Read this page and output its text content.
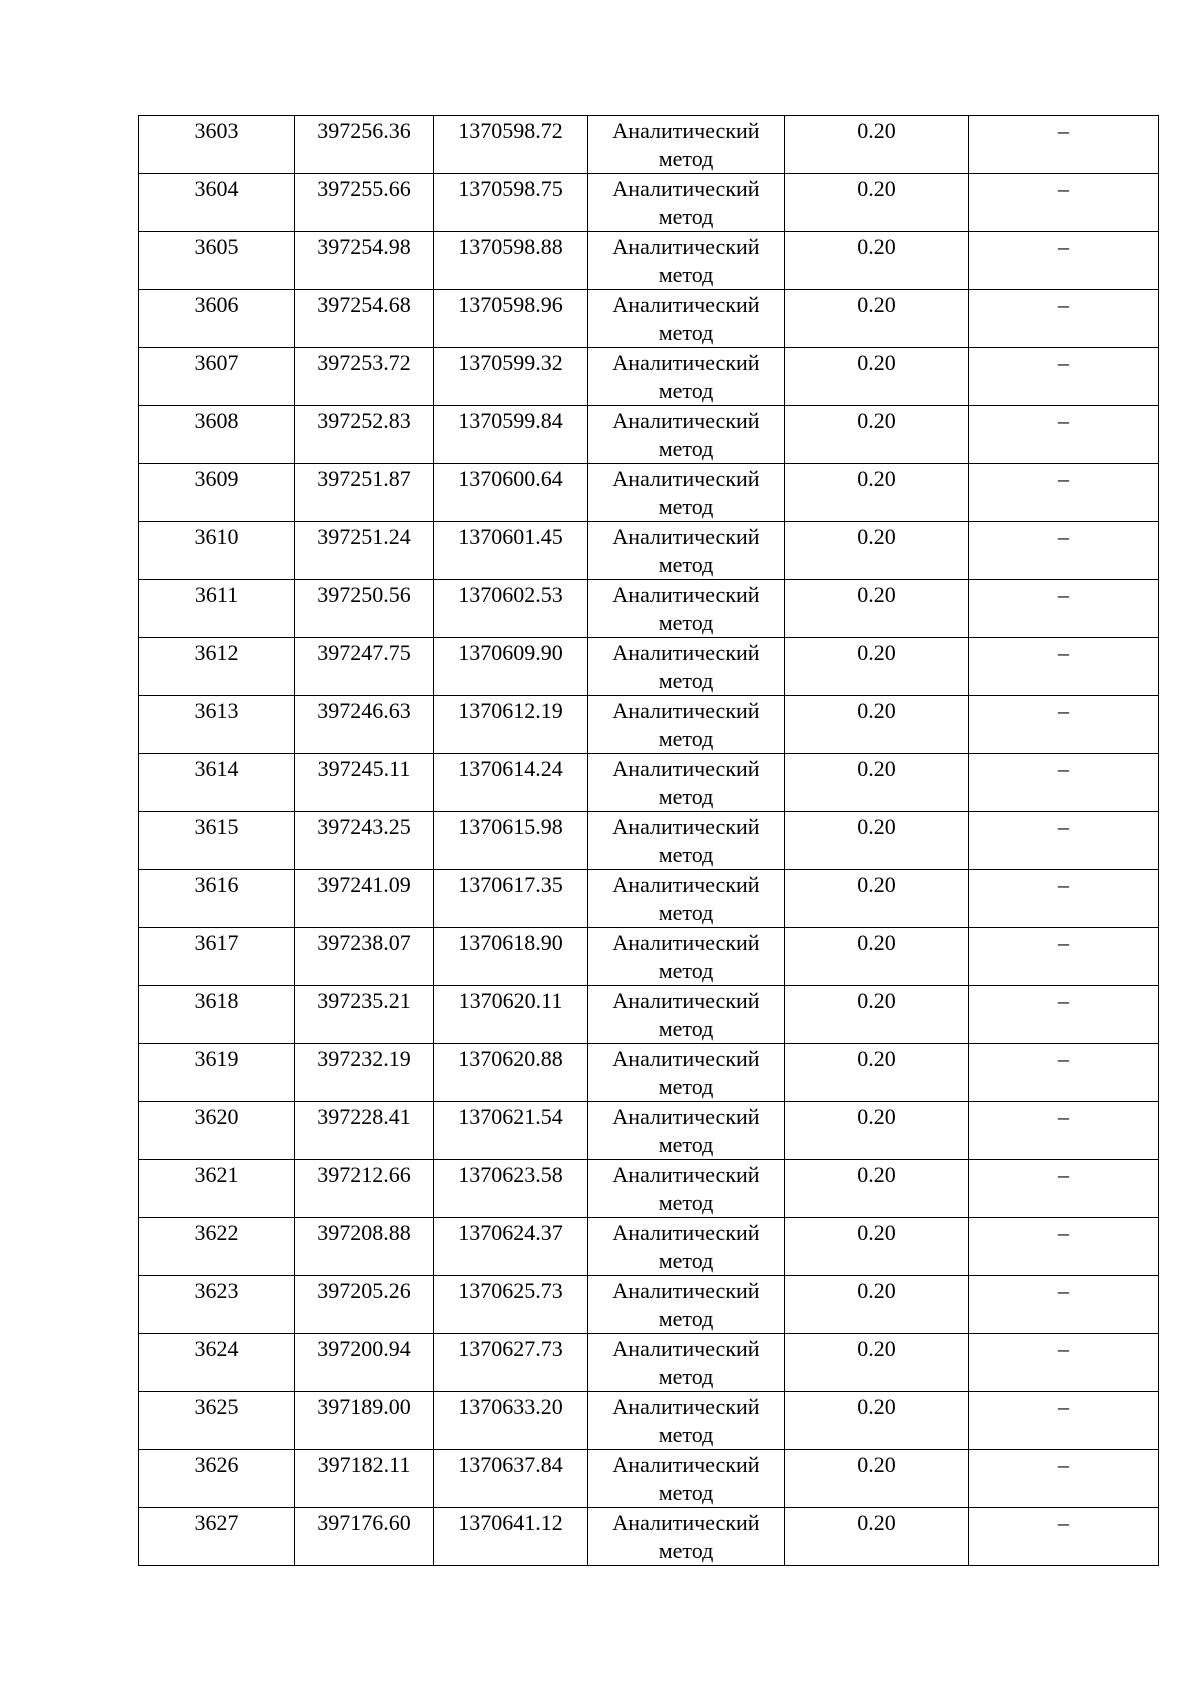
3603	397256.36	1370598.72	Аналитический
метод	0.20	–

3604	397255.66	1370598.75	Аналитический
метод	0.20	–

3605	397254.98	1370598.88	Аналитический
метод	0.20	–

3606	397254.68	1370598.96	Аналитический
метод	0.20	–

3607	397253.72	1370599.32	Аналитический
метод	0.20	–

3608	397252.83	1370599.84	Аналитический
метод	0.20	–

3609	397251.87	1370600.64	Аналитический
метод	0.20	–

3610	397251.24	1370601.45	Аналитический
метод	0.20	–

3611	397250.56	1370602.53	Аналитический
метод	0.20	–

3612	397247.75	1370609.90	Аналитический
метод	0.20	–

3613	397246.63	1370612.19	Аналитический
метод	0.20	–

3614	397245.11	1370614.24	Аналитический
метод	0.20	–

3615	397243.25	1370615.98	Аналитический
метод	0.20	–

3616	397241.09	1370617.35	Аналитический
метод	0.20	–

3617	397238.07	1370618.90	Аналитический
метод	0.20	–

3618	397235.21	1370620.11	Аналитический
метод	0.20	–

3619	397232.19	1370620.88	Аналитический
метод	0.20	–

3620	397228.41	1370621.54	Аналитический
метод	0.20	–

3621	397212.66	1370623.58	Аналитический
метод	0.20	–

3622	397208.88	1370624.37	Аналитический
метод	0.20	–

3623	397205.26	1370625.73	Аналитический
метод	0.20	–

3624	397200.94	1370627.73	Аналитический
метод	0.20	–

3625	397189.00	1370633.20	Аналитический
метод	0.20	–

3626	397182.11	1370637.84	Аналитический
метод	0.20	–

3627	397176.60	1370641.12	Аналитический
метод	0.20	–
